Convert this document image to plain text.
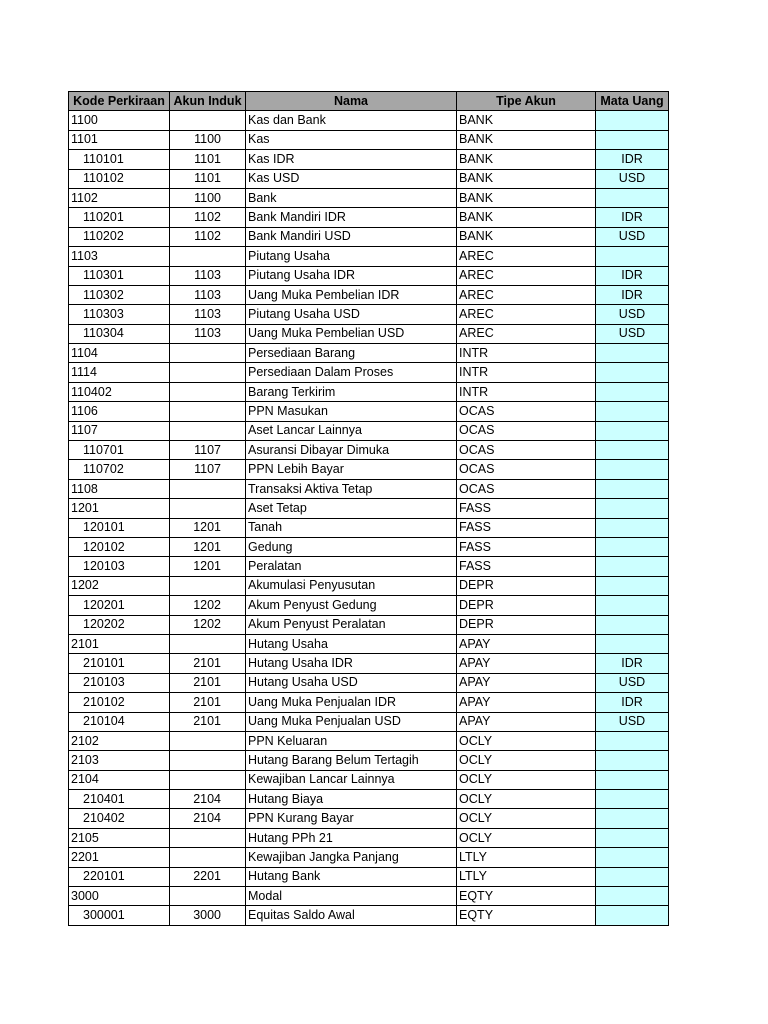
Kode Perkiraan	Akun Induk	Nama	Tipe Akun	Mata Uang
1100		Kas dan Bank	BANK	
1101	1100	Kas	BANK	
110101	1101	Kas IDR	BANK	IDR
110102	1101	Kas USD	BANK	USD
1102	1100	Bank	BANK	
110201	1102	Bank Mandiri IDR	BANK	IDR
110202	1102	Bank Mandiri USD	BANK	USD
1103		Piutang Usaha	AREC	
110301	1103	Piutang Usaha IDR	AREC	IDR
110302	1103	Uang Muka Pembelian IDR	AREC	IDR
110303	1103	Piutang Usaha USD	AREC	USD
110304	1103	Uang Muka Pembelian USD	AREC	USD
1104		Persediaan Barang	INTR	
1114		Persediaan Dalam Proses	INTR	
110402		Barang Terkirim	INTR	
1106		PPN Masukan	OCAS	
1107		Aset Lancar Lainnya	OCAS	
110701	1107	Asuransi Dibayar Dimuka	OCAS	
110702	1107	PPN Lebih Bayar	OCAS	
1108		Transaksi Aktiva Tetap	OCAS	
1201		Aset Tetap	FASS	
120101	1201	Tanah	FASS	
120102	1201	Gedung	FASS	
120103	1201	Peralatan	FASS	
1202		Akumulasi Penyusutan	DEPR	
120201	1202	Akum Penyust Gedung	DEPR	
120202	1202	Akum Penyust Peralatan	DEPR	
2101		Hutang Usaha	APAY	
210101	2101	Hutang Usaha IDR	APAY	IDR
210103	2101	Hutang Usaha USD	APAY	USD
210102	2101	Uang Muka Penjualan IDR	APAY	IDR
210104	2101	Uang Muka Penjualan USD	APAY	USD
2102		PPN Keluaran	OCLY	
2103		Hutang Barang Belum Tertagih	OCLY	
2104		Kewajiban Lancar Lainnya	OCLY	
210401	2104	Hutang Biaya	OCLY	
210402	2104	PPN Kurang Bayar	OCLY	
2105		Hutang PPh 21	OCLY	
2201		Kewajiban Jangka Panjang	LTLY	
220101	2201	Hutang Bank	LTLY	
3000		Modal	EQTY	
300001	3000	Equitas Saldo Awal	EQTY	
